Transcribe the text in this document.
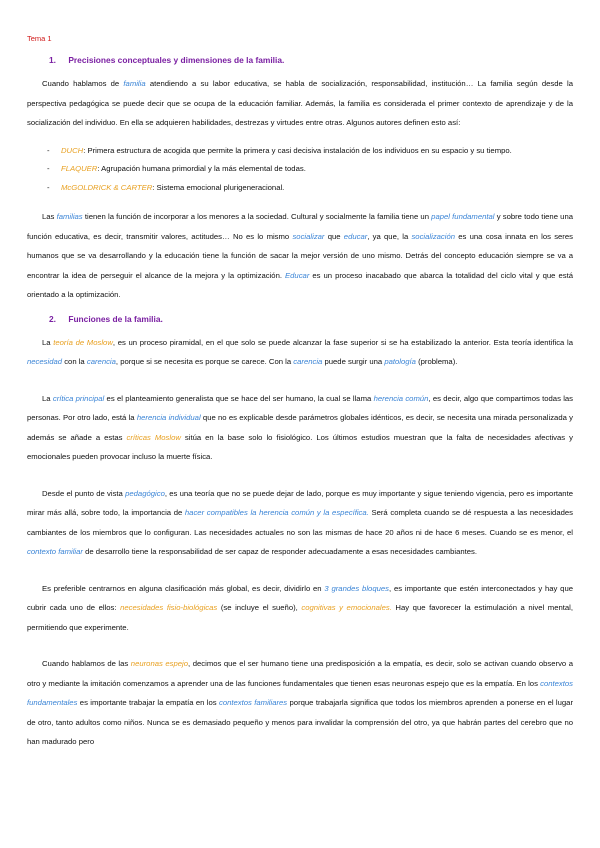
Tema 1
1. Precisiones conceptuales y dimensiones de la familia.

Cuando hablamos de familia atendiendo a su labor educativa, se habla de socialización, responsabilidad, institución… La familia según desde la perspectiva pedagógica se puede decir que se ocupa de la educación familiar. Además, la familia es considerada el primer contexto de aprendizaje y de la socialización del individuo. En ella se adquieren habilidades, destrezas y virtudes entre otras. Algunos autores definen esto así:

- DUCH: Primera estructura de acogida que permite la primera y casi decisiva instalación de los individuos en su espacio y su tiempo.
- FLAQUER: Agrupación humana primordial y la más elemental de todas.
- McGOLDRICK & CARTER: Sistema emocional plurigeneracional.

Las familias tienen la función de incorporar a los menores a la sociedad. Cultural y socialmente la familia tiene un papel fundamental y sobre todo tiene una función educativa, es decir, transmitir valores, actitudes… No es lo mismo socializar que educar, ya que, la socialización es una cosa innata en los seres humanos que se va desarrollando y la educación tiene la función de sacar la mejor versión de uno mismo. Detrás del concepto educación siempre se va a encontrar la idea de perseguir el alcance de la mejora y la optimización. Educar es un proceso inacabado que abarca la totalidad del ciclo vital y que está orientado a la optimización.

2. Funciones de la familia.

La teoría de Moslow, es un proceso piramidal, en el que solo se puede alcanzar la fase superior si se ha estabilizado la anterior. Esta teoría identifica la necesidad con la carencia, porque si se necesita es porque se carece. Con la carencia puede surgir una patología (problema).

La crítica principal es el planteamiento generalista que se hace del ser humano, la cual se llama herencia común, es decir, algo que compartimos todas las personas. Por otro lado, está la herencia individual que no es explicable desde parámetros globales idénticos, es decir, se necesita una mirada personalizada y además se añade a estas críticas Moslow sitúa en la base solo lo fisiológico. Los últimos estudios muestran que la falta de necesidades afectivas y emocionales pueden provocar incluso la muerte física.

Desde el punto de vista pedagógico, es una teoría que no se puede dejar de lado, porque es muy importante y sigue teniendo vigencia, pero es importante mirar más allá, sobre todo, la importancia de hacer compatibles la herencia común y la específica. Será completa cuando se dé respuesta a las necesidades cambiantes de los miembros que lo configuran. Las necesidades actuales no son las mismas de hace 20 años ni de hace 6 meses. Cuando se es menor, el contexto familiar de desarrollo tiene la responsabilidad de ser capaz de responder adecuadamente a esas necesidades cambiantes.

Es preferible centrarnos en alguna clasificación más global, es decir, dividirlo en 3 grandes bloques, es importante que estén interconectados y hay que cubrir cada uno de ellos: necesidades fisio-biológicas (se incluye el sueño), cognitivas y emocionales. Hay que favorecer la estimulación a nivel mental, permitiendo que experimente.

Cuando hablamos de las neuronas espejo, decimos que el ser humano tiene una predisposición a la empatía, es decir, solo se activan cuando observo a otro y mediante la imitación comenzamos a aprender una de las funciones fundamentales que tienen esas neuronas espejo que es la empatía. En los contextos fundamentales es importante trabajar la empatía en los contextos familiares porque trabajarla significa que todos los miembros aprenden a ponerse en el lugar de otro, tanto adultos como niños. Nunca se es demasiado pequeño y menos para invalidar la comprensión del otro, ya que habrán partes del cerebro que no han madurado pero
